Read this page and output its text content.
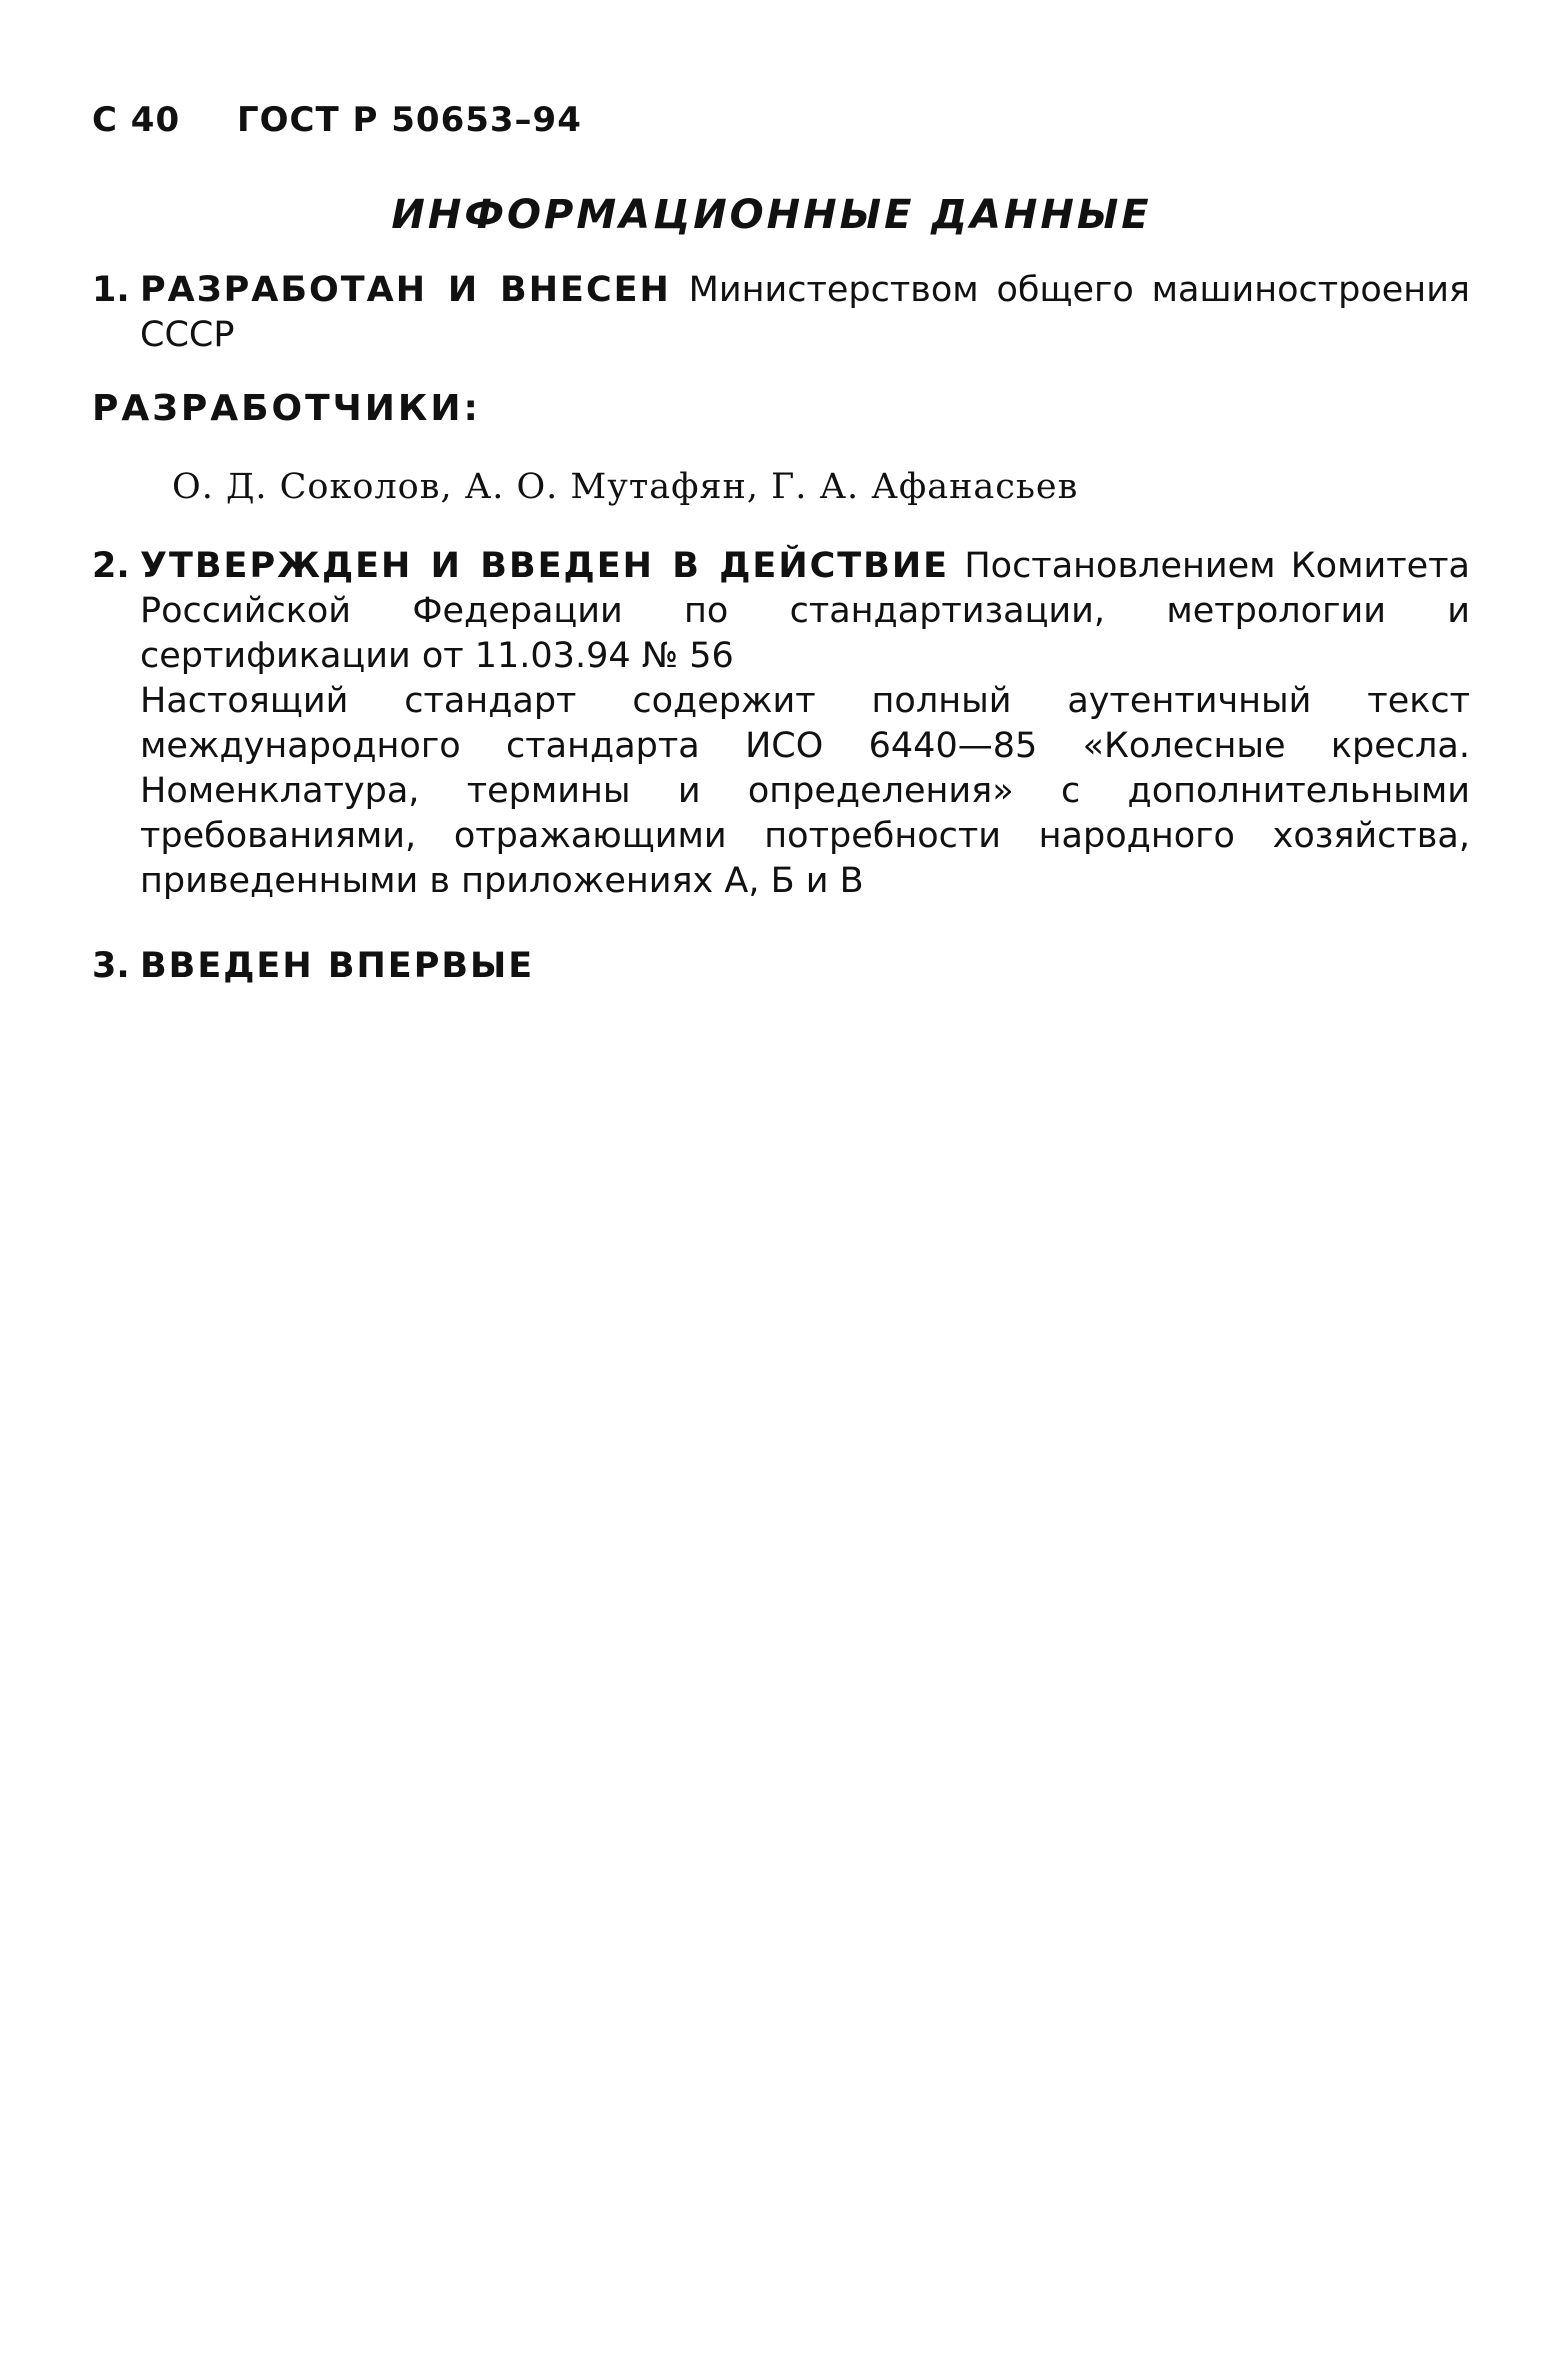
С 40 ГОСТ Р 50653–94
ИНФОРМАЦИОННЫЕ ДАННЫЕ
1. РАЗРАБОТАН И ВНЕСЕН Министерством общего машиностроения СССР
РАЗРАБОТЧИКИ:
О. Д. Соколов, А. О. Мутафян, Г. А. Афанасьев
2. УТВЕРЖДЕН И ВВЕДЕН В ДЕЙСТВИЕ Постановлением Комитета Российской Федерации по стандартизации, метрологии и сертификации от 11.03.94 № 56
Настоящий стандарт содержит полный аутентичный текст международного стандарта ИСО 6440—85 «Колесные кресла. Номенклатура, термины и определения» с дополнительными требованиями, отражающими потребности народного хозяйства, приведенными в приложениях А, Б и В
3. ВВЕДЕН ВПЕРВЫЕ
